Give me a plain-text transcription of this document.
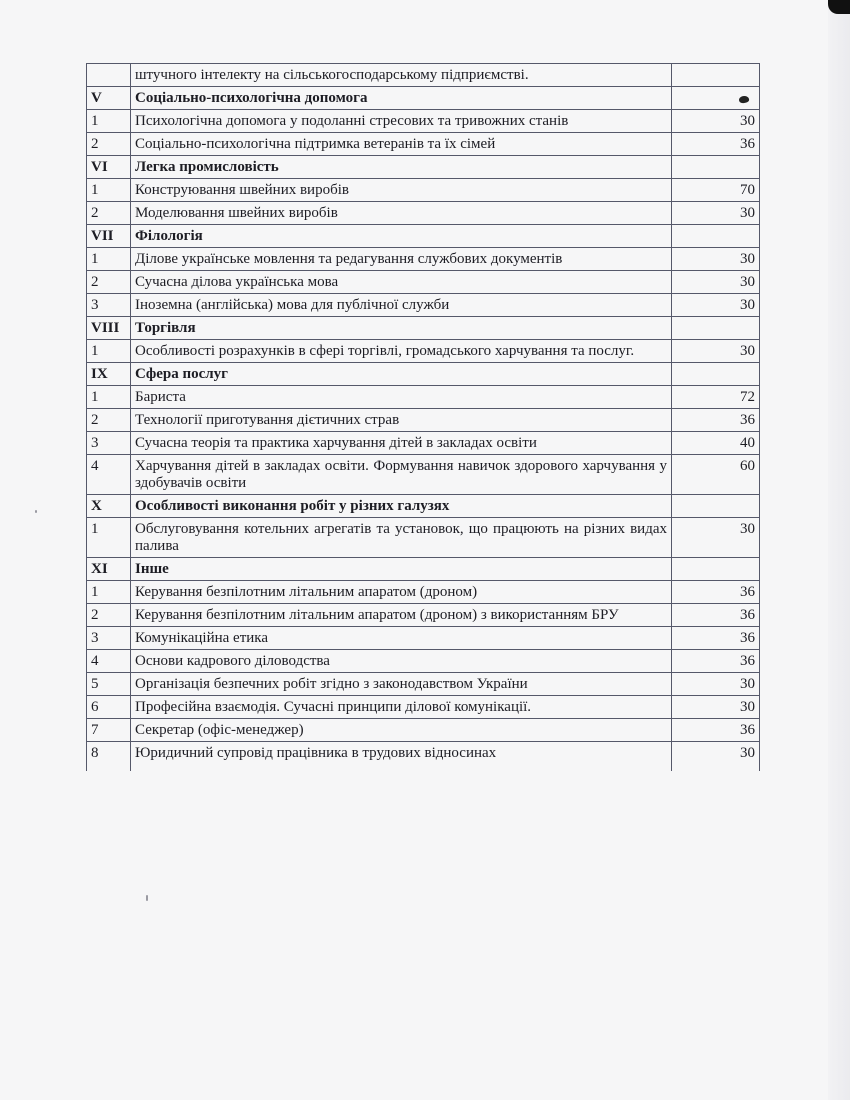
	штучного інтелекту на сільськогосподарському підприємстві.	
V	Соціально-психологічна допомога	

1	Психологічна допомога у подоланні стресових та тривожних станів	30
2	Соціально-психологічна підтримка ветеранів та їх сімей	36
VI	Легка промисловість	
1	Конструювання швейних виробів	70
2	Моделювання швейних виробів	30
VII	Філологія	
1	Ділове українське мовлення та редагування службових документів	30
2	Сучасна ділова українська мова	30
3	Іноземна (англійська) мова для публічної служби	30
VIII	Торгівля	
1	Особливості розрахунків в сфері торгівлі, громадського харчування та послуг.	30
IX	Сфера послуг	
1	Бариста	72
2	Технології приготування дієтичних страв	36
3	Сучасна теорія та практика харчування дітей в закладах освіти	40
4	Харчування дітей в закладах освіти. Формування навичок здорового харчування у здобувачів освіти	60
X	Особливості виконання робіт у різних галузях	
1	Обслуговування котельних агрегатів та установок, що працюють на різних видах палива	30
XI	Інше	
1	Керування безпілотним літальним апаратом (дроном)	36
2	Керування безпілотним літальним апаратом (дроном) з використанням БРУ	36
3	Комунікаційна етика	36
4	Основи кадрового діловодства	36
5	Організація безпечних робіт згідно з законодавством України	30
6	Професійна взаємодія. Сучасні принципи ділової комунікації.	30
7	Секретар (офіс-менеджер)	36
8	Юридичний супровід працівника в трудових відносинах	30
